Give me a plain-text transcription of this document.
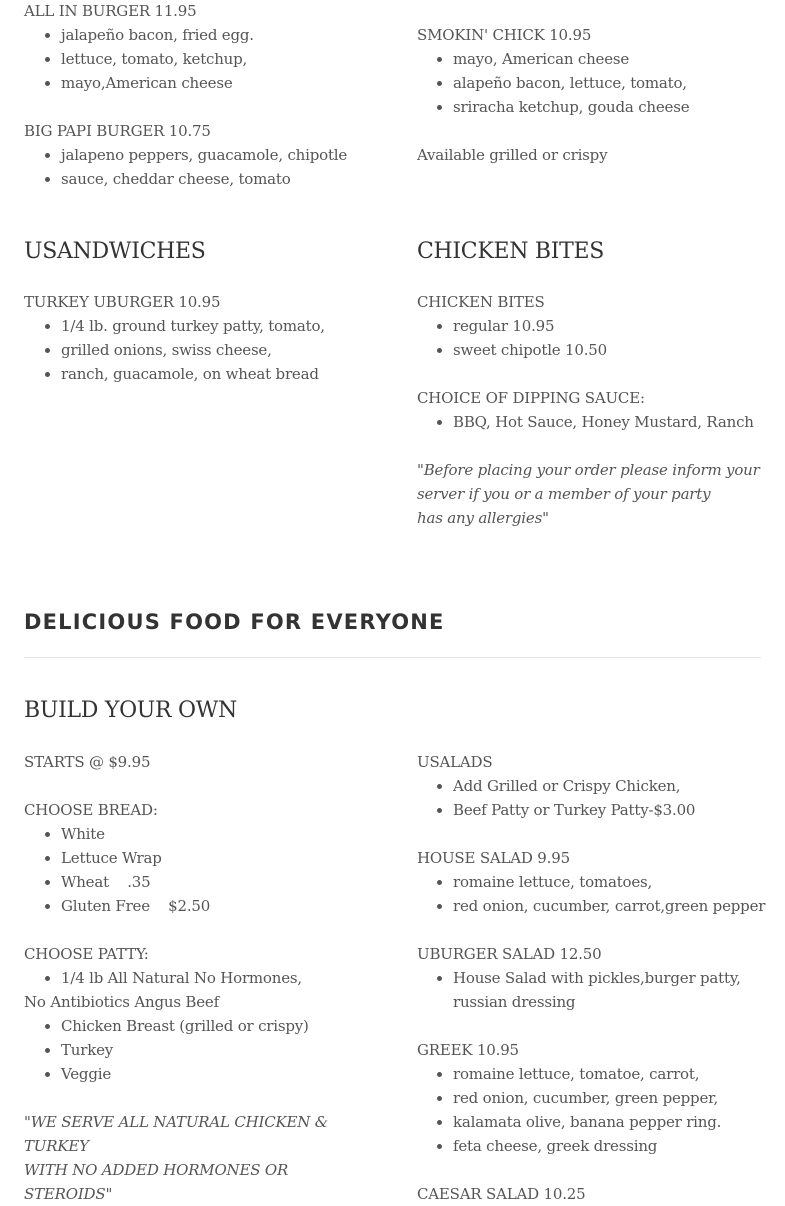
ALL IN BURGER 11.95

• jalapeño bacon, fried egg.
• lettuce, tomato, ketchup,
• mayo,American cheese

BIG PAPI BURGER 10.75

• jalapeno peppers, guacamole, chipotle
• sauce, cheddar cheese, tomato

SMOKIN' CHICK 10.95

• mayo, American cheese
• alapeño bacon, lettuce, tomato,
• sriracha ketchup, gouda cheese

Available grilled or crispy

USANDWICHES	CHICKEN BITES

TURKEY UBURGER 10.95

• 1/4 lb. ground turkey patty, tomato,
• grilled onions, swiss cheese,
• ranch, guacamole, on wheat bread

CHICKEN BITES

• regular 10.95
• sweet chipotle 10.50

CHOICE OF DIPPING SAUCE:

• BBQ, Hot Sauce, Honey Mustard, Ranch

"Before placing your order please inform your

server if you or a member of your party

has any allergies"

DELICIOUS FOOD FOR EVERYONE
BUILD YOUR OWN

STARTS @ $9.95

CHOOSE BREAD:

• White
• Lettuce Wrap
• Wheat    .35
• Gluten Free    $2.50

CHOOSE PATTY:

• 1/4 lb All Natural No Hormones,

No Antibiotics Angus Beef

• Chicken Breast (grilled or crispy)
• Turkey
• Veggie

"WE SERVE ALL NATURAL CHICKEN &

TURKEY

WITH NO ADDED HORMONES OR

STEROIDS"

USALADS

• Add Grilled or Crispy Chicken,
• Beef Patty or Turkey Patty-$3.00

HOUSE SALAD 9.95

• romaine lettuce, tomatoes,
• red onion, cucumber, carrot,green pepper

UBURGER SALAD 12.50

• House Salad with pickles,burger patty,
russian dressing

GREEK 10.95

• romaine lettuce, tomatoe, carrot,
• red onion, cucumber, green pepper,
• kalamata olive, banana pepper ring.
• feta cheese, greek dressing

CAESAR SALAD 10.25
